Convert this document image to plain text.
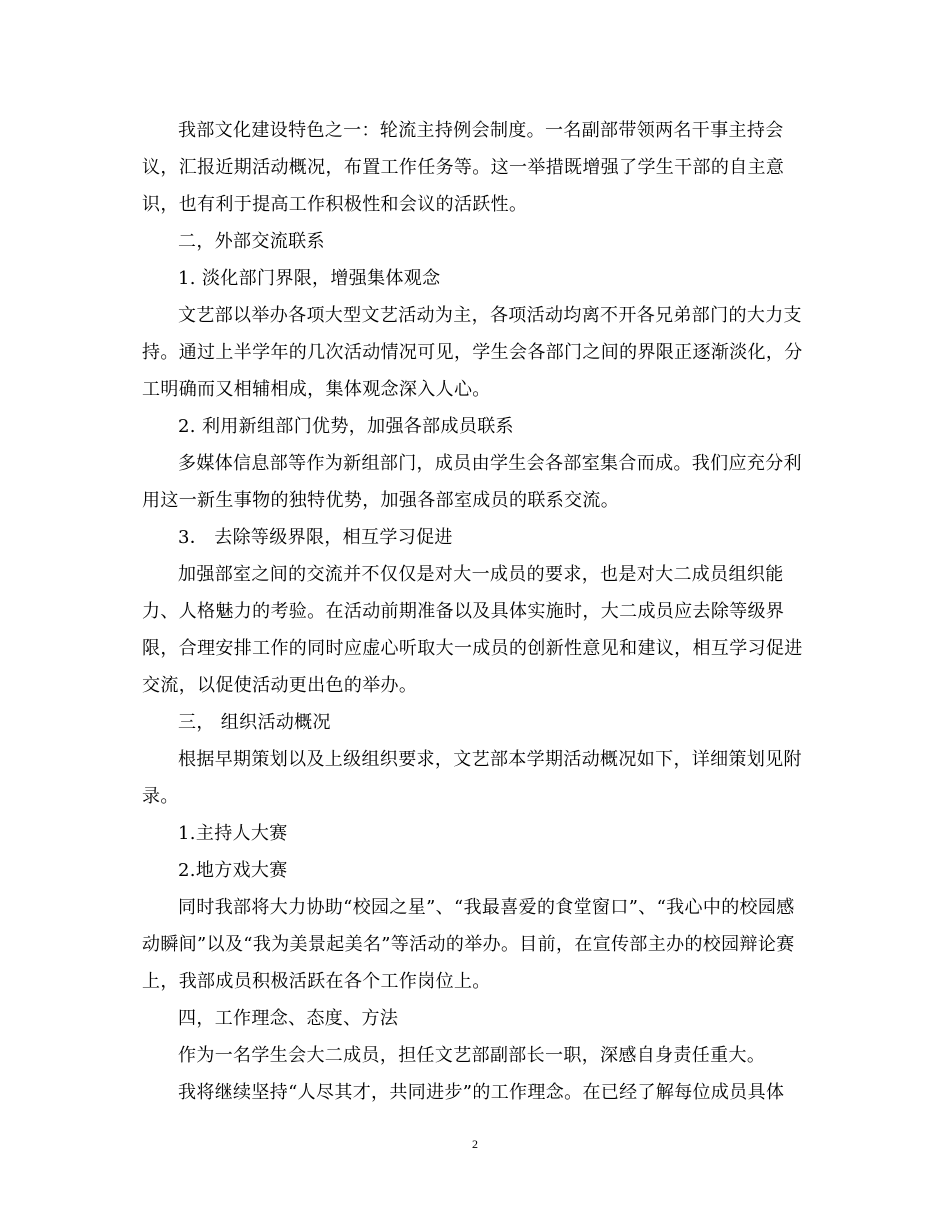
我部文化建设特色之一：轮流主持例会制度。一名副部带领两名干事主持会议，汇报近期活动概况，布置工作任务等。这一举措既增强了学生干部的自主意识，也有利于提高工作积极性和会议的活跃性。

二，外部交流联系

1. 淡化部门界限，增强集体观念

文艺部以举办各项大型文艺活动为主，各项活动均离不开各兄弟部门的大力支持。通过上半学年的几次活动情况可见，学生会各部门之间的界限正逐渐淡化，分工明确而又相辅相成，集体观念深入人心。

2. 利用新组部门优势，加强各部成员联系

多媒体信息部等作为新组部门，成员由学生会各部室集合而成。我们应充分利用这一新生事物的独特优势，加强各部室成员的联系交流。

3． 去除等级界限，相互学习促进

加强部室之间的交流并不仅仅是对大一成员的要求，也是对大二成员组织能力、人格魅力的考验。在活动前期准备以及具体实施时，大二成员应去除等级界限，合理安排工作的同时应虚心听取大一成员的创新性意见和建议，相互学习促进交流，以促使活动更出色的举办。

三， 组织活动概况

根据早期策划以及上级组织要求，文艺部本学期活动概况如下，详细策划见附录。

1.主持人大赛

2.地方戏大赛

同时我部将大力协助“校园之星”、“我最喜爱的食堂窗口”、“我心中的校园感动瞬间”以及“我为美景起美名”等活动的举办。目前，在宣传部主办的校园辩论赛上，我部成员积极活跃在各个工作岗位上。

四，工作理念、态度、方法

作为一名学生会大二成员，担任文艺部副部长一职，深感自身责任重大。

我将继续坚持“人尽其才，共同进步”的工作理念。在已经了解每位成员具体

2
